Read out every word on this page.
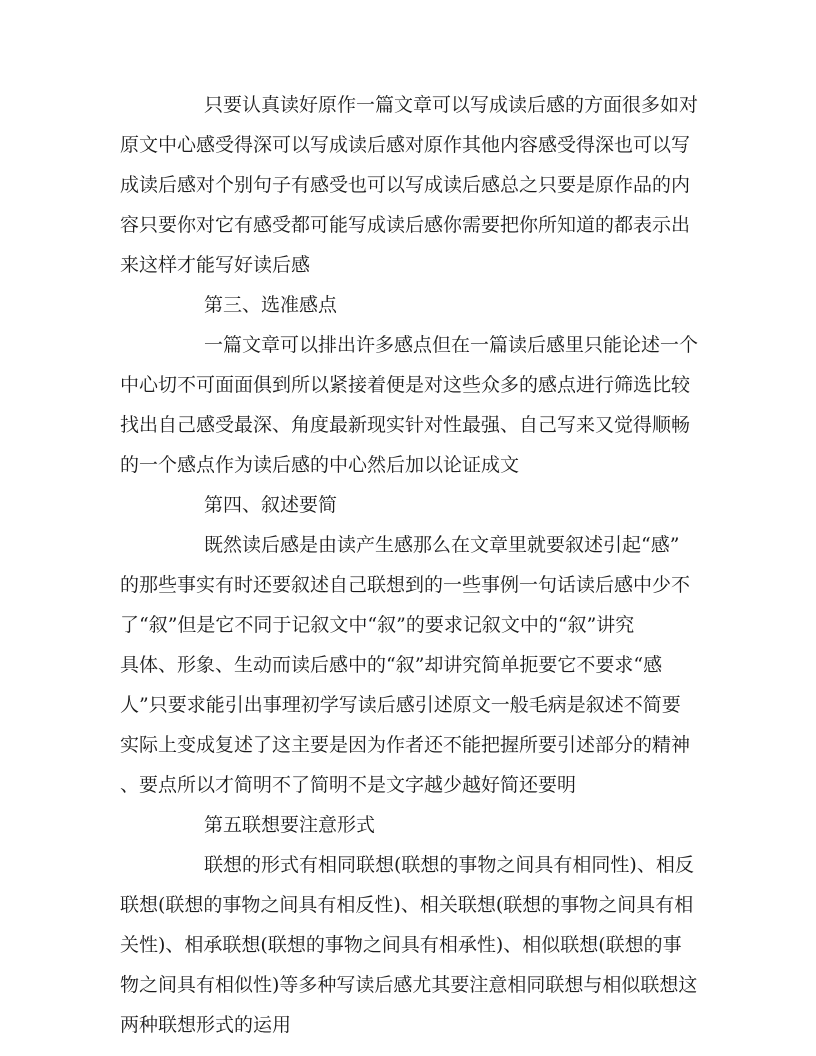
只要认真读好原作一篇文章可以写成读后感的方面很多如对
原文中心感受得深可以写成读后感对原作其他内容感受得深也可以写
成读后感对个别句子有感受也可以写成读后感总之只要是原作品的内
容只要你对它有感受都可能写成读后感你需要把你所知道的都表示出
来这样才能写好读后感
第三、选准感点
一篇文章可以排出许多感点但在一篇读后感里只能论述一个
中心切不可面面俱到所以紧接着便是对这些众多的感点进行筛选比较
找出自己感受最深、角度最新现实针对性最强、自己写来又觉得顺畅
的一个感点作为读后感的中心然后加以论证成文
第四、叙述要简
既然读后感是由读产生感那么在文章里就要叙述引起“感”
的那些事实有时还要叙述自己联想到的一些事例一句话读后感中少不
了“叙”但是它不同于记叙文中“叙”的要求记叙文中的“叙”讲究
具体、形象、生动而读后感中的“叙”却讲究简单扼要它不要求“感
人”只要求能引出事理初学写读后感引述原文一般毛病是叙述不简要
实际上变成复述了这主要是因为作者还不能把握所要引述部分的精神
、要点所以才简明不了简明不是文字越少越好简还要明
第五联想要注意形式
联想的形式有相同联想(联想的事物之间具有相同性)、相反
联想(联想的事物之间具有相反性)、相关联想(联想的事物之间具有相
关性)、相承联想(联想的事物之间具有相承性)、相似联想(联想的事
物之间具有相似性)等多种写读后感尤其要注意相同联想与相似联想这
两种联想形式的运用
